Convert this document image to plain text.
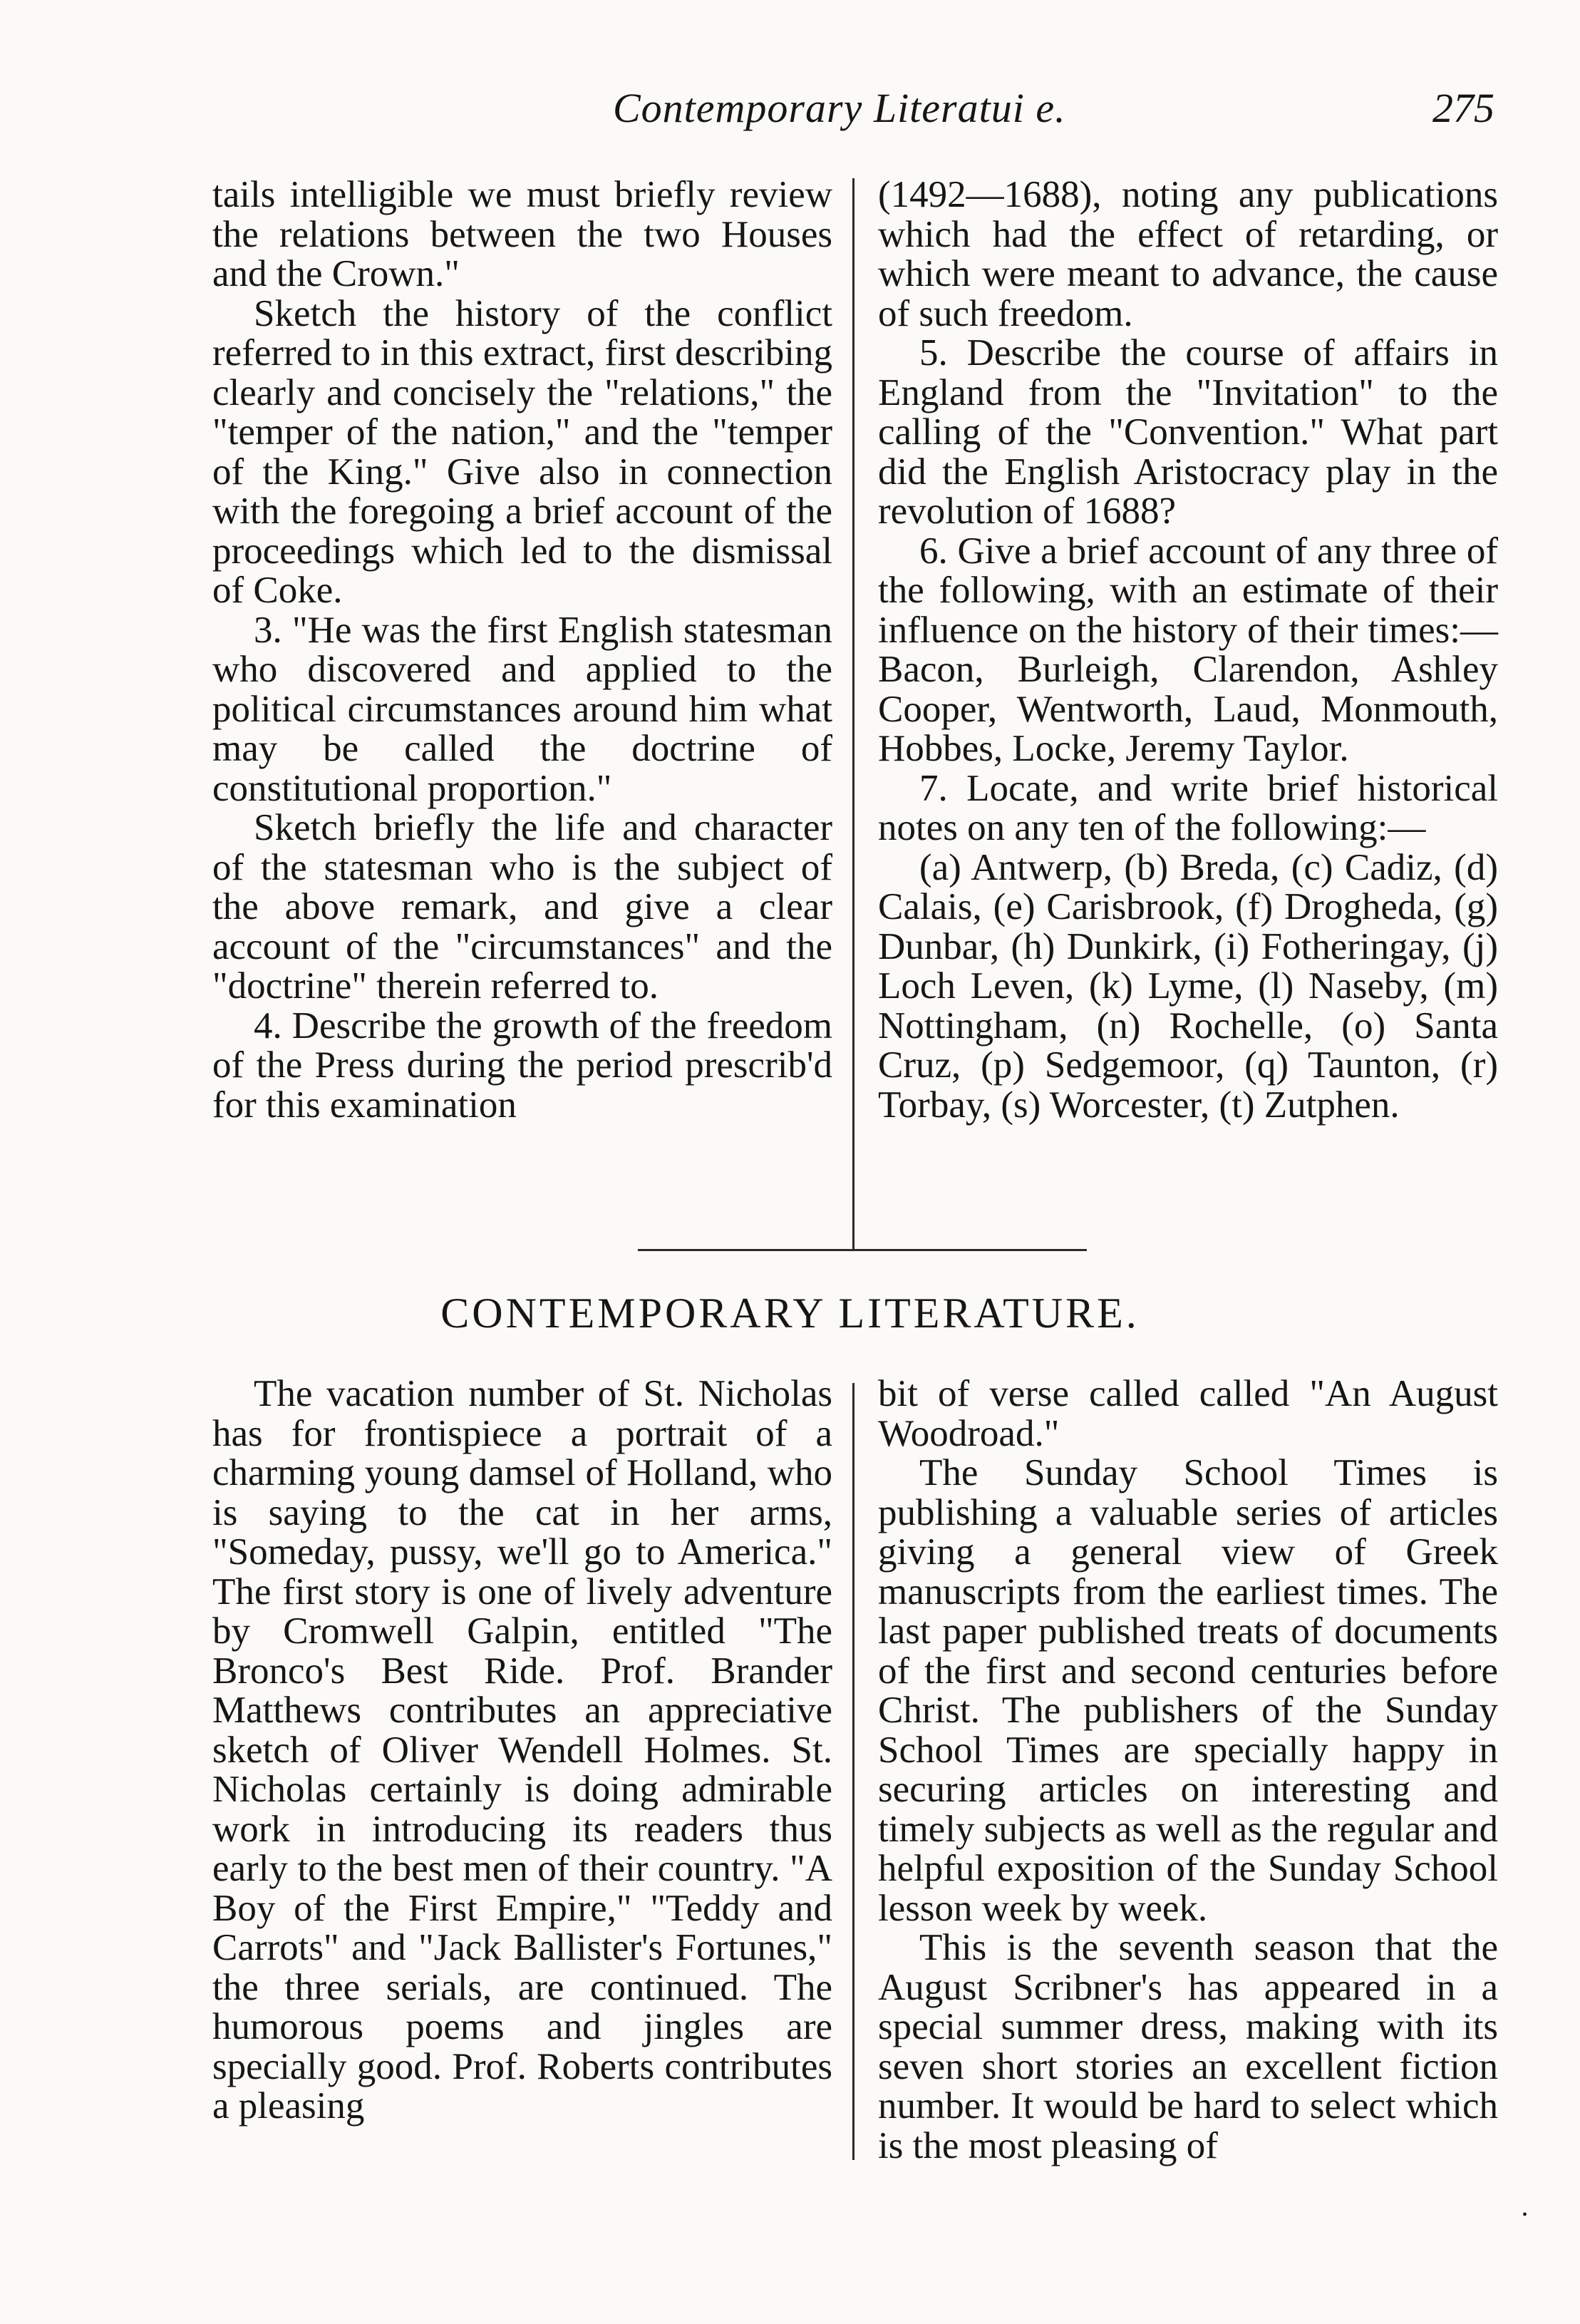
Contemporary Literatui e.	275

tails intelligible we must briefly review the relations between the two Houses and the Crown."

Sketch the history of the conflict referred to in this extract, first describing clearly and concisely the "relations," the "temper of the nation," and the "temper of the King." Give also in connection with the foregoing a brief account of the proceedings which led to the dismissal of Coke.

3. "He was the first English statesman who discovered and applied to the political circumstances around him what may be called the doctrine of constitutional proportion."

Sketch briefly the life and character of the statesman who is the subject of the above remark, and give a clear account of the "circumstances" and the "doctrine" therein referred to.

4. Describe the growth of the freedom of the Press during the period prescrib'd for this examination

(1492—1688), noting any publications which had the effect of retarding, or which were meant to advance, the cause of such freedom.

5. Describe the course of affairs in England from the "Invitation" to the calling of the "Convention." What part did the English Aristocracy play in the revolution of 1688?

6. Give a brief account of any three of the following, with an estimate of their influence on the history of their times:—Bacon, Burleigh, Clarendon, Ashley Cooper, Wentworth, Laud, Monmouth, Hobbes, Locke, Jeremy Taylor.

7. Locate, and write brief historical notes on any ten of the following:—

(a) Antwerp, (b) Breda, (c) Cadiz, (d) Calais, (e) Carisbrook, (f) Drogheda, (g) Dunbar, (h) Dunkirk, (i) Fotheringay, (j) Loch Leven, (k) Lyme, (l) Naseby, (m) Nottingham, (n) Rochelle, (o) Santa Cruz, (p) Sedgemoor, (q) Taunton, (r) Torbay, (s) Worcester, (t) Zutphen.

CONTEMPORARY LITERATURE.

The vacation number of St. Nicholas has for frontispiece a portrait of a charming young damsel of Holland, who is saying to the cat in her arms, "Someday, pussy, we'll go to America." The first story is one of lively adventure by Cromwell Galpin, entitled "The Bronco's Best Ride. Prof. Brander Matthews contributes an appreciative sketch of Oliver Wendell Holmes. St. Nicholas certainly is doing admirable work in introducing its readers thus early to the best men of their country. "A Boy of the First Empire," "Teddy and Carrots" and "Jack Ballister's Fortunes," the three serials, are continued. The humorous poems and jingles are specially good. Prof. Roberts contributes a pleasing

bit of verse called called "An August Woodroad."

The Sunday School Times is publishing a valuable series of articles giving a general view of Greek manuscripts from the earliest times. The last paper published treats of documents of the first and second centuries before Christ. The publishers of the Sunday School Times are specially happy in securing articles on interesting and timely subjects as well as the regular and helpful exposition of the Sunday School lesson week by week.

This is the seventh season that the August Scribner's has appeared in a special summer dress, making with its seven short stories an excellent fiction number. It would be hard to select which is the most pleasing of

•
